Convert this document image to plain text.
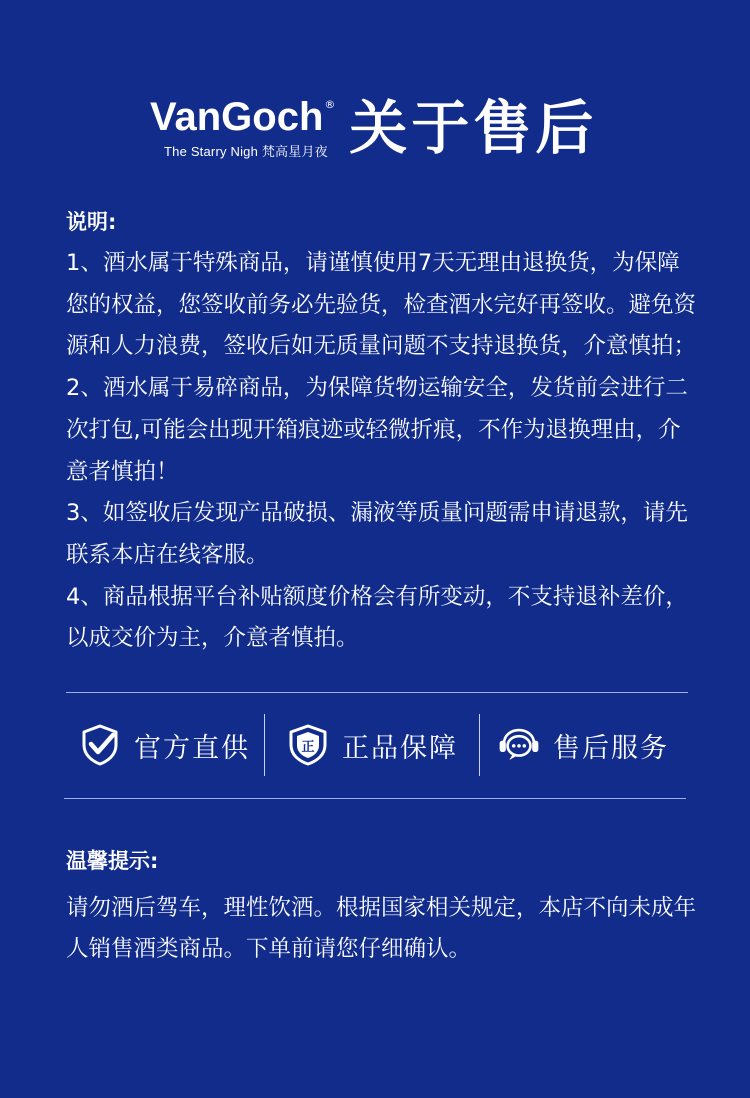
VanGoch ®
The Starry Nigh 梵高星月夜 关于售后
说明:

1、酒水属于特殊商品，请谨慎使用7天无理由退换货，为保障您的权益，您签收前务必先验货，检查酒水完好再签收。避免资源和人力浪费，签收后如无质量问题不支持退换货，介意慎拍；

2、酒水属于易碎商品，为保障货物运输安全，发货前会进行二次打包,可能会出现开箱痕迹或轻微折痕，不作为退换理由，介意者慎拍！

3、如签收后发现产品破损、漏液等质量问题需申请退款，请先联系本店在线客服。

4、商品根据平台补贴额度价格会有所变动，不支持退补差价，以成交价为主，介意者慎拍。

官方直供	正 正品保障	售后服务
温馨提示:
请勿酒后驾车，理性饮酒。根据国家相关规定，本店不向未成年人销售酒类商品。下单前请您仔细确认。
